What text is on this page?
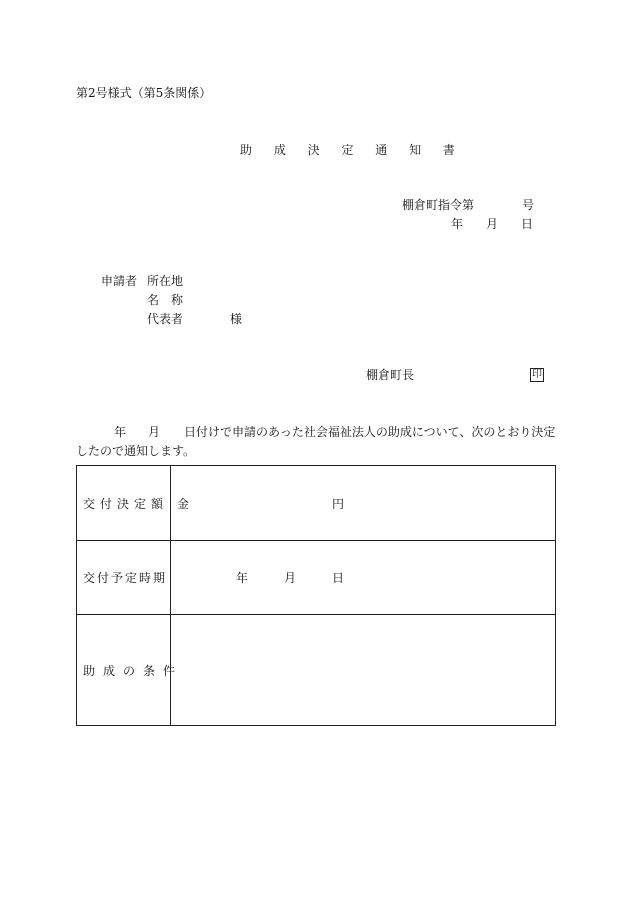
第2号様式（第5条関係）
助 成 決 定 通 知 書
棚倉町指令第	号
年 月 日
申請者 所在地
名　称
代表者	様
棚倉町長	印
年 月 日付けで申請のあった社会福祉法人の助成について、次のとおり決定
したので通知します。
交付決定額 金	円
交付予定時期	年	月	日
助成の条件
